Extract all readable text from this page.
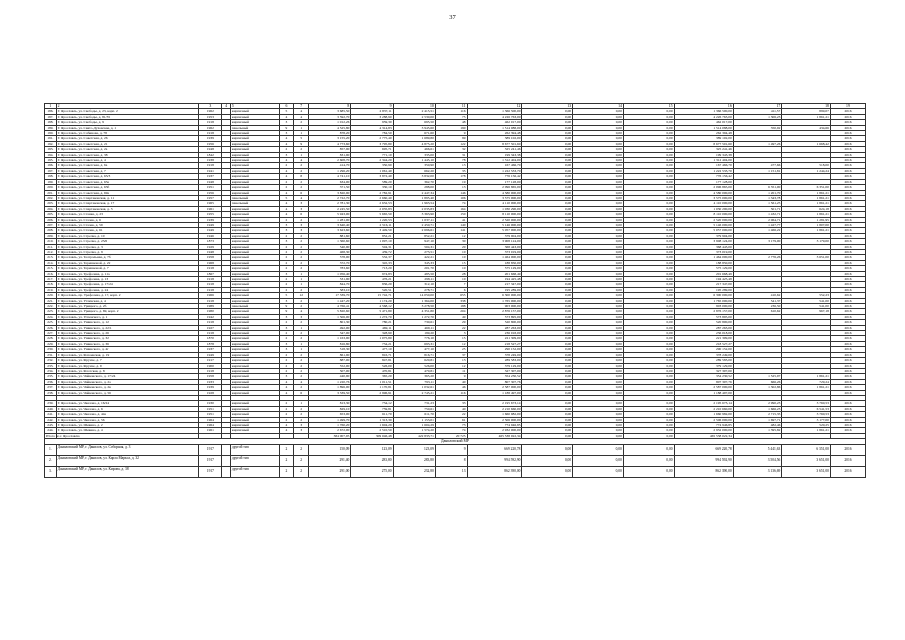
37
1	2	3	4	5	6	7	8	9	10	11	12	13	14	15	16	17	18	19
186.	Г. Ярославль, ул. Свободы, д. 23, корп. 2	1962		кирпичный	5	4	3 685,50	2 837,11	2 415,51	116	1 366 500,00	0,00	0,00	0,00	1 366 500,00	411,57	899,07	2016
187.	Г. Ярославль, ул. Свободы, д. 81/35	1953		кирпичный	4	4	3 592,70	3 288,90	2 530,00	75	4 226 763,00	0,00	0,00	0,00	4 226 763,00	1 306,23	1 861,21	2016
188.	Г. Ярославль, ул. Свободы, д. 9	1918		кирпичный	3	2	1 012,26	959,30	695,50	48	462 017,00	0,00	0,00	0,00	462 017,00			2016
189.	Г. Ярославль, ул. Свято-Духовская, д. 1	1962		панельный	9	1	4 525,80	4 314,83	3 945,60	190	1 514 088,00	0,00	0,00	0,00	1 514 088,00	350,92	434,66	2016
190.	Г. Ярославль, ул. Собинова, д. 78	1918		кирпичный	3	1	878,20	784,50	671,60	9	262 394,48	0,00	0,00	0,00	262 394,48			2016
191.	Г. Ярославль, ул. Советская, д. 26	1939		кирпичный	4	5	3 155,20	2 775,40	1 689,80	99	389 102,00	0,00	0,00	0,00	389 102,00			2016
192.	Г. Ярославль, ул. Советская, д. 21	1956		кирпичный	4	9	4 773,60	3 795,80	4 875,20	122	8 677 501,60	0,00	0,00	0,00	8 677 501,60	1 497,26	1 668,42	2016
193.	Г. Ярославль, ул. Советская, д. 2а	1948		кирпичный	2	2	857,90	695,71	466,61	32	325 241,46	0,00	0,00	0,00	325 241,46			2016
194.	Г. Ярославль, ул. Советская, д. 38	1842		кирпичный	3	1	831,90	771,10	335,00	31	199 343,38	0,00	0,00	0,00	199 343,38			2016
195.	Г. Ярославль, ул. Советская, д. 4	1938		кирпичный	4	4	2 608,70	2 344,20	1 445,10	78	1 312 404,00	0,00	0,00	0,00	1 312 404,00			2016
196.	Г. Ярославль, ул. Советская, д. 6а	1918		кирпичный	2	2	414,70	350,90	350,90	13	167 466,70	0,00	0,00	0,00	167 466,70	477,66	518,00	2016
197.	Г. Ярославль, ул. Советская, д. 7	1941		кирпичный	4	2	1 296,20	1 061,40	662,20	35	1 222 533,70	0,00	0,00	0,00	1 222 533,70	1 151,81	1 244,24	2016
198.	Г. Ярославль, ул. Советская, д. 63/3	1937		кирпичный	4	8	4 741,10	3 872,40	3 832,00	178	776 156,42	0,00	0,00	0,00	776 156,42			2016
199.	Г. Ярославль, ул. Советская, д. 63а	1948		кирпичный	2	2	634,00	589,20	362,70	19	177 128,00	0,00	0,00	0,00	177 128,00			2016
200.	Г. Ярославль, ул. Советская, д. 63б	1951		кирпичный	2	2	371,50	330,10	288,00	13	2 096 865,00	0,00	0,00	0,00	2 096 865,00	6 351,00	6 351,00	2016
201.	Г. Ярославль, ул. Советская, д. 69а	1956		кирпичный	4	6	3 820,90	2 782,91	2 447,34	146	4 580 000,00	0,00	0,00	0,00	4 580 000,00	1 201,70	1 861,21	2016
202.	Г. Ярославль, ул. Спартаковская, д. 11	1957		панельный	5	4	2 722,70	2 660,40	1 895,40	106	3 575 000,00	0,00	0,00	0,00	3 575 000,00	1 343,78	1 861,21	2016
203.	Г. Ярославль, ул. Спартаковская, д. 17	1965		панельный	4	3	2 781,30	2 632,53	1 963,54	74	4 110 000,00	0,00	0,00	0,00	4 110 000,00	1 561,25	1 861,21	2016
204.	Г. Ярославль, ул. Спартаковская, д. 3	1961		кирпичный	4	3	2 245,50	2 035,83	2 035,83	164	1 030 290,00	0,00	0,00	0,00	1 030 290,00	501,71	624,18	2016
205.	Г. Ярославль, ул. Станка, д. 23	1955		кирпичный	4	6	5 943,00	5 665,50	3 363,90	150	8 110 000,00	0,00	0,00	0,00	8 110 000,00	1 432,71	1 861,21	2016
206.	Г. Ярославль, ул. Стачек, д. 6	1939		кирпичный	2	2	1 281,00	1 220,53	1 037,11	41	2 520 000,00	0,00	0,00	0,00	2 520 000,00	2 064,71	1 281,95	2016
207.	Г. Ярославль, ул. Стачек, д. 59	1949		кирпичный	3	3	3 640,40	2 516,11	2 450,71	140	5 146 000,00	0,00	0,00	0,00	5 146 000,00	1 427,77	1 807,00	2016
208.	Г. Ярославль, ул. Стачек, д. 61	1949		кирпичный	3	3	3 623,60	3 449,50	2 696,61	141	5 057 000,00	0,00	0,00	0,00	5 057 000,00	1 466,22	1 861,21	2016
209.	Г. Ярославль, ул. Стрелка, д. 10	1946		кирпичный	2	2	881,60	852,21	852,21	12	379 904,00	0,00	0,00	0,00	379 904,00			2016
210.	Г. Ярославль, ул. Стрелка, д. 23/6	1873		кирпичный	3	2	1 360,60	1 097,10	947,10	30	3 908 124,00	0,00	0,00	0,00	3 908 124,00	3 179,00	3 179,00	2016
211.	Г. Ярославль, ул. Стрелка, д. 3	1929		кирпичный	2	2	540,90	504,31	504,31	20	368 443,00	0,00	0,00	0,00	368 443,00			2016
212.	Г. Ярославль, ул. Стрелка, д. 9	1948		кирпичный	2	2	468,30	439,72	273,51	10	373 019,00	0,00	0,00	0,00	373 019,00			2016
213.	Г. Ярославль, ул. Театральная, д. 7б	1958		кирпичный	2	2	578,00	532,37	422,21	10	1 464 000,00	0,00	0,00	0,00	1 464 000,00	2 776,26	3 651,00	2016
214.	Г. Ярославль, ул. Терешковой, д. 22	1968		кирпичный	2	2	372,70	345,33	345,33	15	188 850,00	0,00	0,00	0,00	188 850,00			2016
215.	Г. Ярославль, ул. Терешковой, д. 7	1918		кирпичный	2	2	783,60	713,20	201,70	10	575 129,00	0,00	0,00	0,00	575 129,00			2016
216.	Г. Ярославль, ул. Трефолева, д. 11а	1867		кирпичный	3	1	1 056,40	974,83	485,50	28	201 668,49	0,00	0,00	0,00	201 668,49			2016
217.	Г. Ярославль, ул. Трефолева, д. 13	1918		кирпичный	2	1	531,90	476,21	298,11	10	194 425,48	0,00	0,00	0,00	194 425,48			2016
218.	Г. Ярославль, ул. Трефолева, д. 17/24	1918		кирпичный	2	1	844,70	836,20	312,10	7	217 347,00	0,00	0,00	0,00	217 347,00			2016
219.	Г. Ярославль, ул. Трефолева, д. 24	1918		кирпичный	2	2	583,10	520,51	278,71	6	195 289,00	0,00	0,00	0,00	195 289,00			2016
220.	Г. Ярославль, пр. Трефолева, д. 17, корп. 2	1966		кирпичный	5	12	17 339,70	15 742,71	14 050,00	655	6 300 000,00	0,00	0,00	0,00	6 300 000,00	410,62	552,23	2016
221.	Г. Ярославль, ул. Угличская, д. 4	1918		кирпичный	3	2	1 447,20	1 174,20	1 364,00	338	1 765 000,00	0,00	0,00	0,00	1 765 000,00	541,37	541,00	2016
222.	Г. Ярославль, ул. Урицкого, д. 2б	1989		панельный	9	2	4 766,41	4 568,12	3 278,50	188	903 000,00	0,00	0,00	0,00	903 000,00	236,50	541,00	2016
223.	Г. Ярославль, ул. Урицкого, д. 69, корп. 2	1980		кирпичный	9	4	5 820,60	5 471,80	4 351,80	204	2 876 157,00	0,00	0,00	0,00	2 876 157,00	610,62	967,18	2016
224.	Г. Ярославль, ул. Успенского, д. 1	1942		кирпичный	3	3	1 506,00	1 272,70	1 272,70	49	573 895,00	0,00	0,00	0,00	573 895,00			2016
225.	Г. Ярославль, ул. Ушинского, д. 12	1918		кирпичный	2	2	801,30	780,21	730,61	29	520 800,00	0,00	0,00	0,00	520 800,00			2016
226.	Г. Ярославль, ул. Ушинского, д. 22/1	1927		кирпичный	3	1	492,00	469,11	469,11	22	287 263,00	0,00	0,00	0,00	287 263,00			2016
227.	Г. Ярославль, ул. Ушинского, д. 26	1918		кирпичный	2	2	347,00	328,90	199,20	3	236 018,00	0,00	0,00	0,00	236 018,00			2016
228.	Г. Ярославль, ул. Ушинского, д. 32	1870		кирпичный	2	2	1 163,90	1 075,80	776,10	15	221 309,00	0,00	0,00	0,00	221 309,00			2016
229.	Г. Ярославль, ул. Ушинского, д. 36	1878		кирпичный	3	1	816,80	734,21	693,31	12	218 527,27	0,00	0,00	0,00	218 527,27			2016
230.	Г. Ярославль, ул. Ушинского, д. 4г	1937		кирпичный	3	1	518,30	477,10	477,10	25	290 152,00	0,00	0,00	0,00	290 152,00			2016
231.	Г. Ярославль, ул. Фатеевская, д. 19	1949		кирпичный	2	2	861,90	816,71	816,71	37	378 249,00	0,00	0,00	0,00	378 249,00			2016
232.	Г. Ярославль, ул. Фрунзе, д. 7	1917		кирпичный	2	2	887,00	847,81	620,81	13	289 583,00	0,00	0,00	0,00	289 583,00			2016
233.	Г. Ярославль, ул. Фрунзе, д. 9	1900		кирпичный	2	2	552,00	526,00	526,00	12	379 129,00	0,00	0,00	0,00	379 129,00			2016
234.	Г. Ярославль, ул. Флотская, д. 8	1918		кирпичный	2	2	507,00	470,81	470,81	11	327 307,00	0,00	0,00	0,00	327 307,00			2016
235.	Г. Ярославль, ул. Чайковского, д. 17/24	1958		кирпичный	3	2	440,90	365,20	365,20	9	354 230,52	0,00	0,00	0,00	354 230,52	1 525,97	1 861,21	2016
236.	Г. Ярославль, ул. Чайковского, д. 2а	1933		кирпичный	4	4	1 220,76	1 011,51	793,11	40	807 307,76	0,00	0,00	0,00	807 307,76	666,26	729,24	2016
237.	Г. Ярославль, ул. Чайковского, д. 2в	1939		кирпичный	4	2	1 896,00	1 170,81	1 032,61	46	2 587 000,00	0,00	0,00	0,00	2 587 000,00	1 302,86	1 861,21	2016
238.	Г. Ярославль, ул. Чайковского, д. 56	1928		кирпичный	4	6	3 339,50	2 996,91	2 745,21	116	1 188 497,00	0,00	0,00	0,00	1 188 497,00			2016

239.	Г. Ярославль, ул. Чкалова, д. 16/24	1930		кирпичный	2	1	813,30	734,12	731,23	33	2 195 673,14	0,00	0,00	0,00	2 195 673,14	2 990,23	3 760,53	2016
240.	Г. Ярославль, ул. Чкалова, д. 6	1951		кирпичный	2	2	829,10	759,81	750,61	40	2 210 660,00	0,00	0,00	0,00	2 210 660,00	1 666,23	6 541,53	2016
241.	Г. Ярославль, ул. Чкалова, д. 44а	1951		кирпичный	2	2	653,00	611,70	611,70	22	1 660 982,00	0,00	0,00	0,00	1 660 982,00	2 715,35	3 760,53	2016
242.	Г. Ярославль, ул. Чкалова, д. 56	1964		кирпичный	2	2	1 499,70	1 313,30	1 153,01	61	2 506 000,00	0,00	0,00	0,00	2 506 000,00	1 697,71	3 177,00	2016
243.	Г. Ярославль, ул. Шевина, д. 2	1964		кирпичный	4	3	1 760,20	1 604,29	1 604,29	73	774 946,85	0,00	0,00	0,00	774 946,85	482,46	520,25	2016
244.	Г. Ярославль, ул. Шевина, д. 4	1961		кирпичный	4	3	2 672,00	2 510,50	1 574,20	74	2 932 000,00	0,00	0,00	0,00	2 932 000,00	1 395,82	1 861,21	2016
Итого по г. Ярославлю							384 007,95	309 046,48	422 833,71	20 725	465 538 022,34	0,00	0,00	0,00	465 538 022,34			
Даниловский МР																		
1.	Даниловский МР, г. Данилов, ул. Соборная, д. 3	1917		другой тип	2	2	150,09	123,09	123,09	9	669 220,78	0,00	0,00	0,00	669 220,78	5 441,63	6 351,00	2016
2.	Даниловский МР, г. Данилов, ул. Карла Маркса, д. 32	1917		другой тип	2	2	291,40	283,80	283,80	8	994 592,90	0,00	0,00	0,00	994 592,90	3 504,56	3 651,00	2016
3.	Даниловский МР, г. Данилов, ул. Кирова, д. 38	1917		другой тип	2	2	291,00	275,00	232,80	13	862 390,00	0,00	0,00	0,00	862 390,00	3 136,69	3 651,00	2016
